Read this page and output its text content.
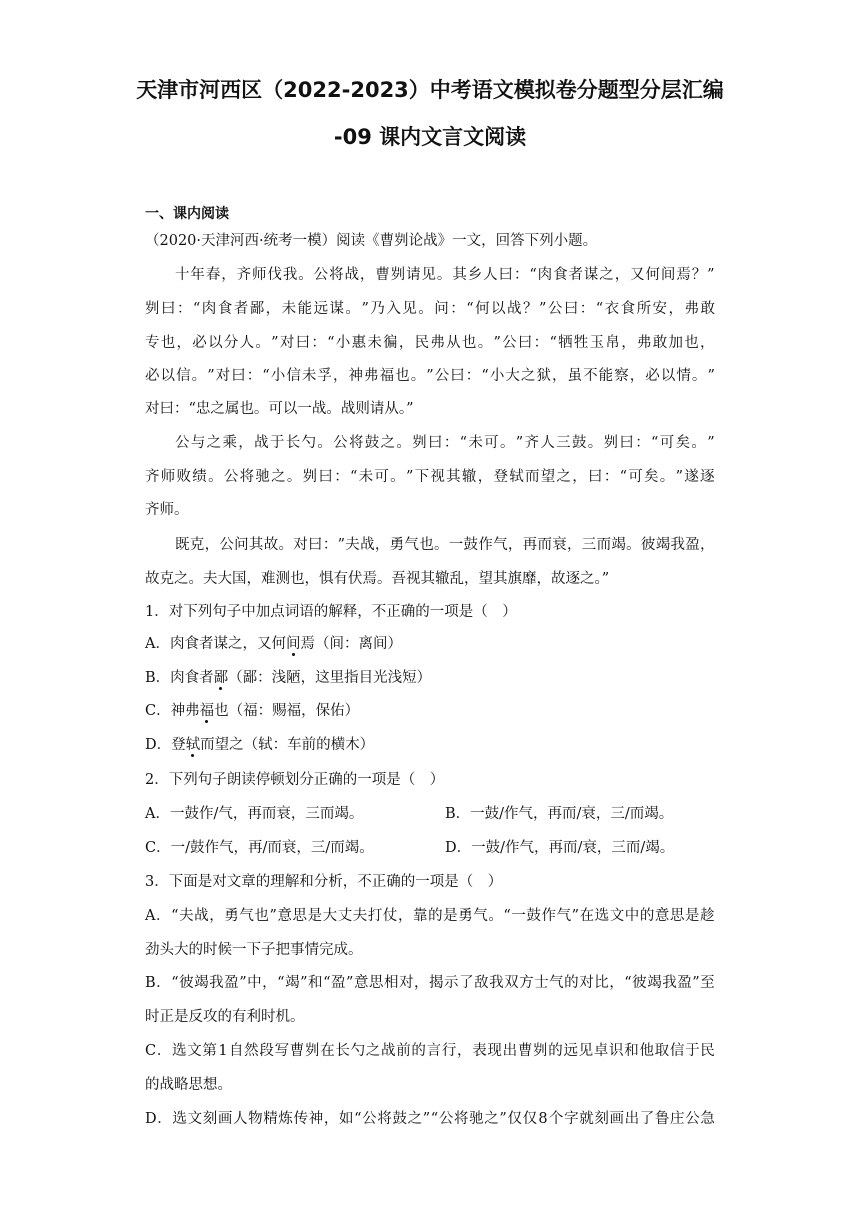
天津市河西区（2022-2023）中考语文模拟卷分题型分层汇编
-09 课内文言文阅读
一、课内阅读
（2020·天津河西·统考一模）阅读《曹刿论战》一文，回答下列小题。
十 年 春 ， 齐 师 伐 我 。 公 将 战 ， 曹 刿 请 见 。 其 乡 人 曰 ： “ 肉 食 者 谋 之 ， 又 何 间 焉 ？ ”
刿 曰 ： “ 肉 食 者 鄙 ， 未 能 远 谋 。 ” 乃 入 见 。 问 ： “ 何 以 战 ？ ” 公 曰 ： “ 衣 食 所 安 ， 弗 敢
专 也 ， 必 以 分 人 。 ” 对 曰 ： “ 小 惠 未 徧 ， 民 弗 从 也 。 ” 公 曰 ： “ 牺 牲 玉 帛 ， 弗 敢 加 也 ，
必 以 信 。 ” 对 曰 ： “ 小 信 未 孚 ， 神 弗 福 也 。 ” 公 曰 ： “ 小 大 之 狱 ， 虽 不 能 察 ， 必 以 情 。 ”
对曰：“忠之属也。可以一战。战则请从。”
公 与 之 乘 ， 战 于 长 勺 。 公 将 鼓 之 。 刿 曰 ： “ 未 可 。 ” 齐 人 三 鼓 。 刿 曰 ： “ 可 矣 。 ”
齐 师 败 绩 。 公 将 驰 之 。 刿 曰 ： “ 未 可 。 ” 下 视 其 辙 ， 登 轼 而 望 之 ， 曰 ： “ 可 矣 。 ” 遂 逐
齐师。
既 克 ， 公 问 其 故 。 对 曰 ： ” 夫 战 ， 勇 气 也 。 一 鼓 作 气 ， 再 而 衰 ， 三 而 竭 。 彼 竭 我 盈 ，
故克之。夫大国，难测也，惧有伏焉。吾视其辙乱，望其旗靡，故逐之。”
1．对下列句子中加点词语的解释，不正确的一项是（　）
A．肉食者谋之，又何间焉（间：离间）
B．肉食者鄙（鄙：浅陋，这里指目光浅短）
C．神弗福也（福：赐福，保佑）
D．登轼而望之（轼：车前的横木）
2．下列句子朗读停顿划分正确的一项是（　）
A．一鼓作/气，再而衰，三而竭。	B．一鼓/作气，再而/衰，三/而竭。
C．一/鼓作气，再/而衰，三/而竭。	D．一鼓/作气，再而/衰，三而/竭。
3．下面是对文章的理解和分析，不正确的一项是（　）
A ． “ 夫 战 ， 勇 气 也 ” 意 思 是 大 丈 夫 打 仗 ， 靠 的 是 勇 气 。 “ 一 鼓 作 气 ” 在 选 文 中 的 意 思 是 趁
劲头大的时候一下子把事情完成。
B ． “ 彼 竭 我 盈 ” 中 ， “ 竭 ” 和 “ 盈 ” 意 思 相 对 ， 揭 示 了 敌 我 双 方 士 气 的 对 比 ， “ 彼 竭 我 盈 ” 至
时正是反攻的有利时机。
C ． 选 文 第 1 自 然 段 写 曹 刿 在 长 勺 之 战 前 的 言 行 ， 表 现 出 曹 刿 的 远 见 卓 识 和 他 取 信 于 民
的战略思想。
D ． 选 文 刻 画 人 物 精 炼 传 神 ， 如 “ 公 将 鼓 之 ” “ 公 将 驰 之 ” 仅 仅 8 个 字 就 刻 画 出 了 鲁 庄 公 急
